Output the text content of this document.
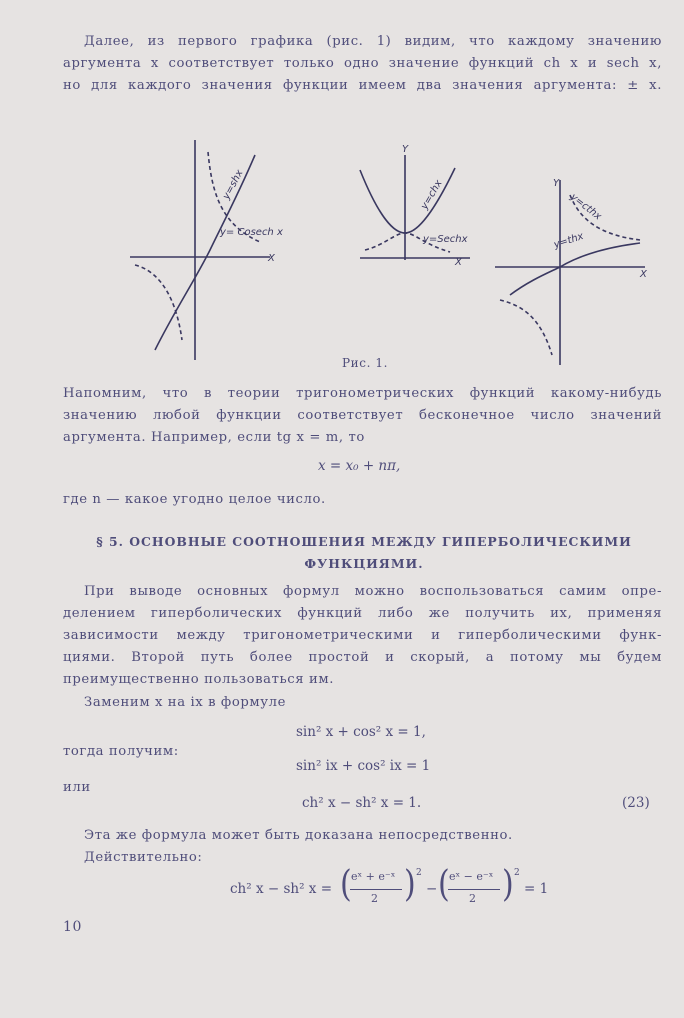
Далее, из первого графика (рис. 1) видим, что каждому значению
аргумента x соответствует только одно значение функций ch x и sech x,
но для каждого значения функции имеем два значения аргумента: ± x.
y=shx
y= Cosech x
X
Y
y=chx
y=Sechx
X
Y
y=cthx
y=thx
X
Рис. 1.
Напомним, что в теории тригонометрических функций какому-нибудь
значению любой функции соответствует бесконечное число значений
аргумента. Например, если tg x = m, то
x = x₀ + nπ,
где n — какое угодно целое число.
§ 5. ОСНОВНЫЕ СООТНОШЕНИЯ МЕЖДУ ГИПЕРБОЛИЧЕСКИМИ
ФУНКЦИЯМИ.
При выводе основных формул можно воспользоваться самим опре-
делением гиперболических функций либо же получить их, применяя
зависимости между тригонометрическими и гиперболическими функ-
циями. Второй путь более простой и скорый, а потому мы будем
преимущественно пользоваться им.
Заменим x на ix в формуле
sin² x + cos² x = 1,
тогда получим:
sin² ix + cos² ix = 1
или
ch² x − sh² x = 1.	(23)
Эта же формула может быть доказана непосредственно.
Действительно:
ch² x − sh² x = ( eˣ + e⁻ˣ
2 ) 2
− ( eˣ − e⁻ˣ
2 ) 2
= 1
10
